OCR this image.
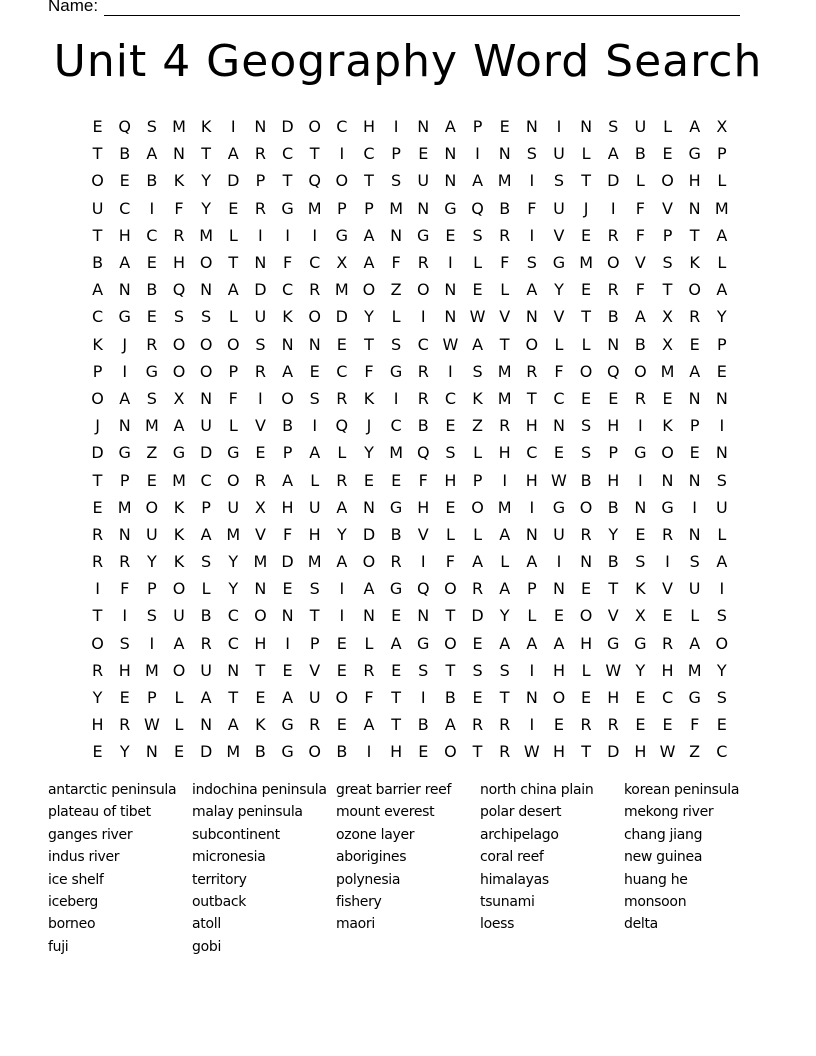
Name:
Unit 4 Geography Word Search
E Q S M K	I	N D O C H	I	N A	P	E	N	I	N	S	U	L	A	X
T	B	A N	T	A	R	C	T	I	C	P	E	N	I	N	S	U	L	A	B	E G	P
O E	B	K	Y	D	P	T Q O T	S	U N A M	I	S	T	D	L	O H	L
U C	I	F	Y	E	R G M P	P M N G Q B	F	U	J	I	F	V N M
T	H C R M L	I	I	I	G A N G E	S	R	I	V	E	R	F	P	T	A
B	A	E	H O T	N	F	C	X	A	F	R	I	L	F	S G M O V	S	K	L
A N B Q N A D C R M O Z O N	E	L	A	Y	E	R	F	T O A
C G E	S	S	L	U	K O D	Y	L	I	N W V N V	T	B	A	X	R	Y
K	J	R O O O S	N N	E	T	S	C W A	T O	L	L	N B	X	E	P
P	I	G O O	P	R	A	E	C	F	G R	I	S M R	F	O Q O M A	E
O A	S	X N	F	I	O S	R	K	I	R	C	K M T	C	E	E	R	E	N N
J	N M A U	L	V	B	I	Q	J	C	B	E	Z	R H N	S	H	I	K	P	I
D G Z G D G E	P	A	L	Y M Q S	L	H C	E	S	P	G O E	N
T	P	E M C O R	A	L	R	E	E	F	H	P	I	H W B H	I	N N	S
E M O K	P	U X H U A N G H	E O M	I	G O B N G	I	U
R N U	K	A M V	F	H	Y	D B	V	L	L	A N U R	Y	E	R N	L
R	R	Y	K	S	Y M D M A O R	I	F	A	L	A	I	N B	S	I	S	A
I	F	P	O	L	Y	N	E	S	I	A G Q O R	A	P	N	E	T	K	V U	I
T	I	S	U B	C O N	T	I	N	E	N	T	D	Y	L	E O V	X	E	L	S
O S	I	A	R	C H	I	P	E	L	A G O E	A	A	A H G G R	A O
R H M O U N	T	E	V	E	R	E	S	T	S	S	I	H	L W Y	H M Y
Y	E	P	L	A	T	E	A U O	F	T	I	B	E	T	N O E	H	E	C G S
H R W L	N A	K G R	E	A	T	B	A	R	R	I	E	R	R	E	E	F	E
E	Y	N	E D M B G O B	I	H	E O T	R W H	T	D H W Z	C
antarctic peninsula
plateau of tibet
ganges river
indus river
ice shelf
iceberg
borneo
fuji
indochina peninsula
malay peninsula
subcontinent
micronesia
territory
outback
atoll
gobi
great barrier reef
mount everest
ozone layer
aborigines
polynesia
fishery
maori
north china plain
polar desert
archipelago
coral reef
himalayas
tsunami
loess
korean peninsula
mekong river
chang jiang
new guinea
huang he
monsoon
delta
